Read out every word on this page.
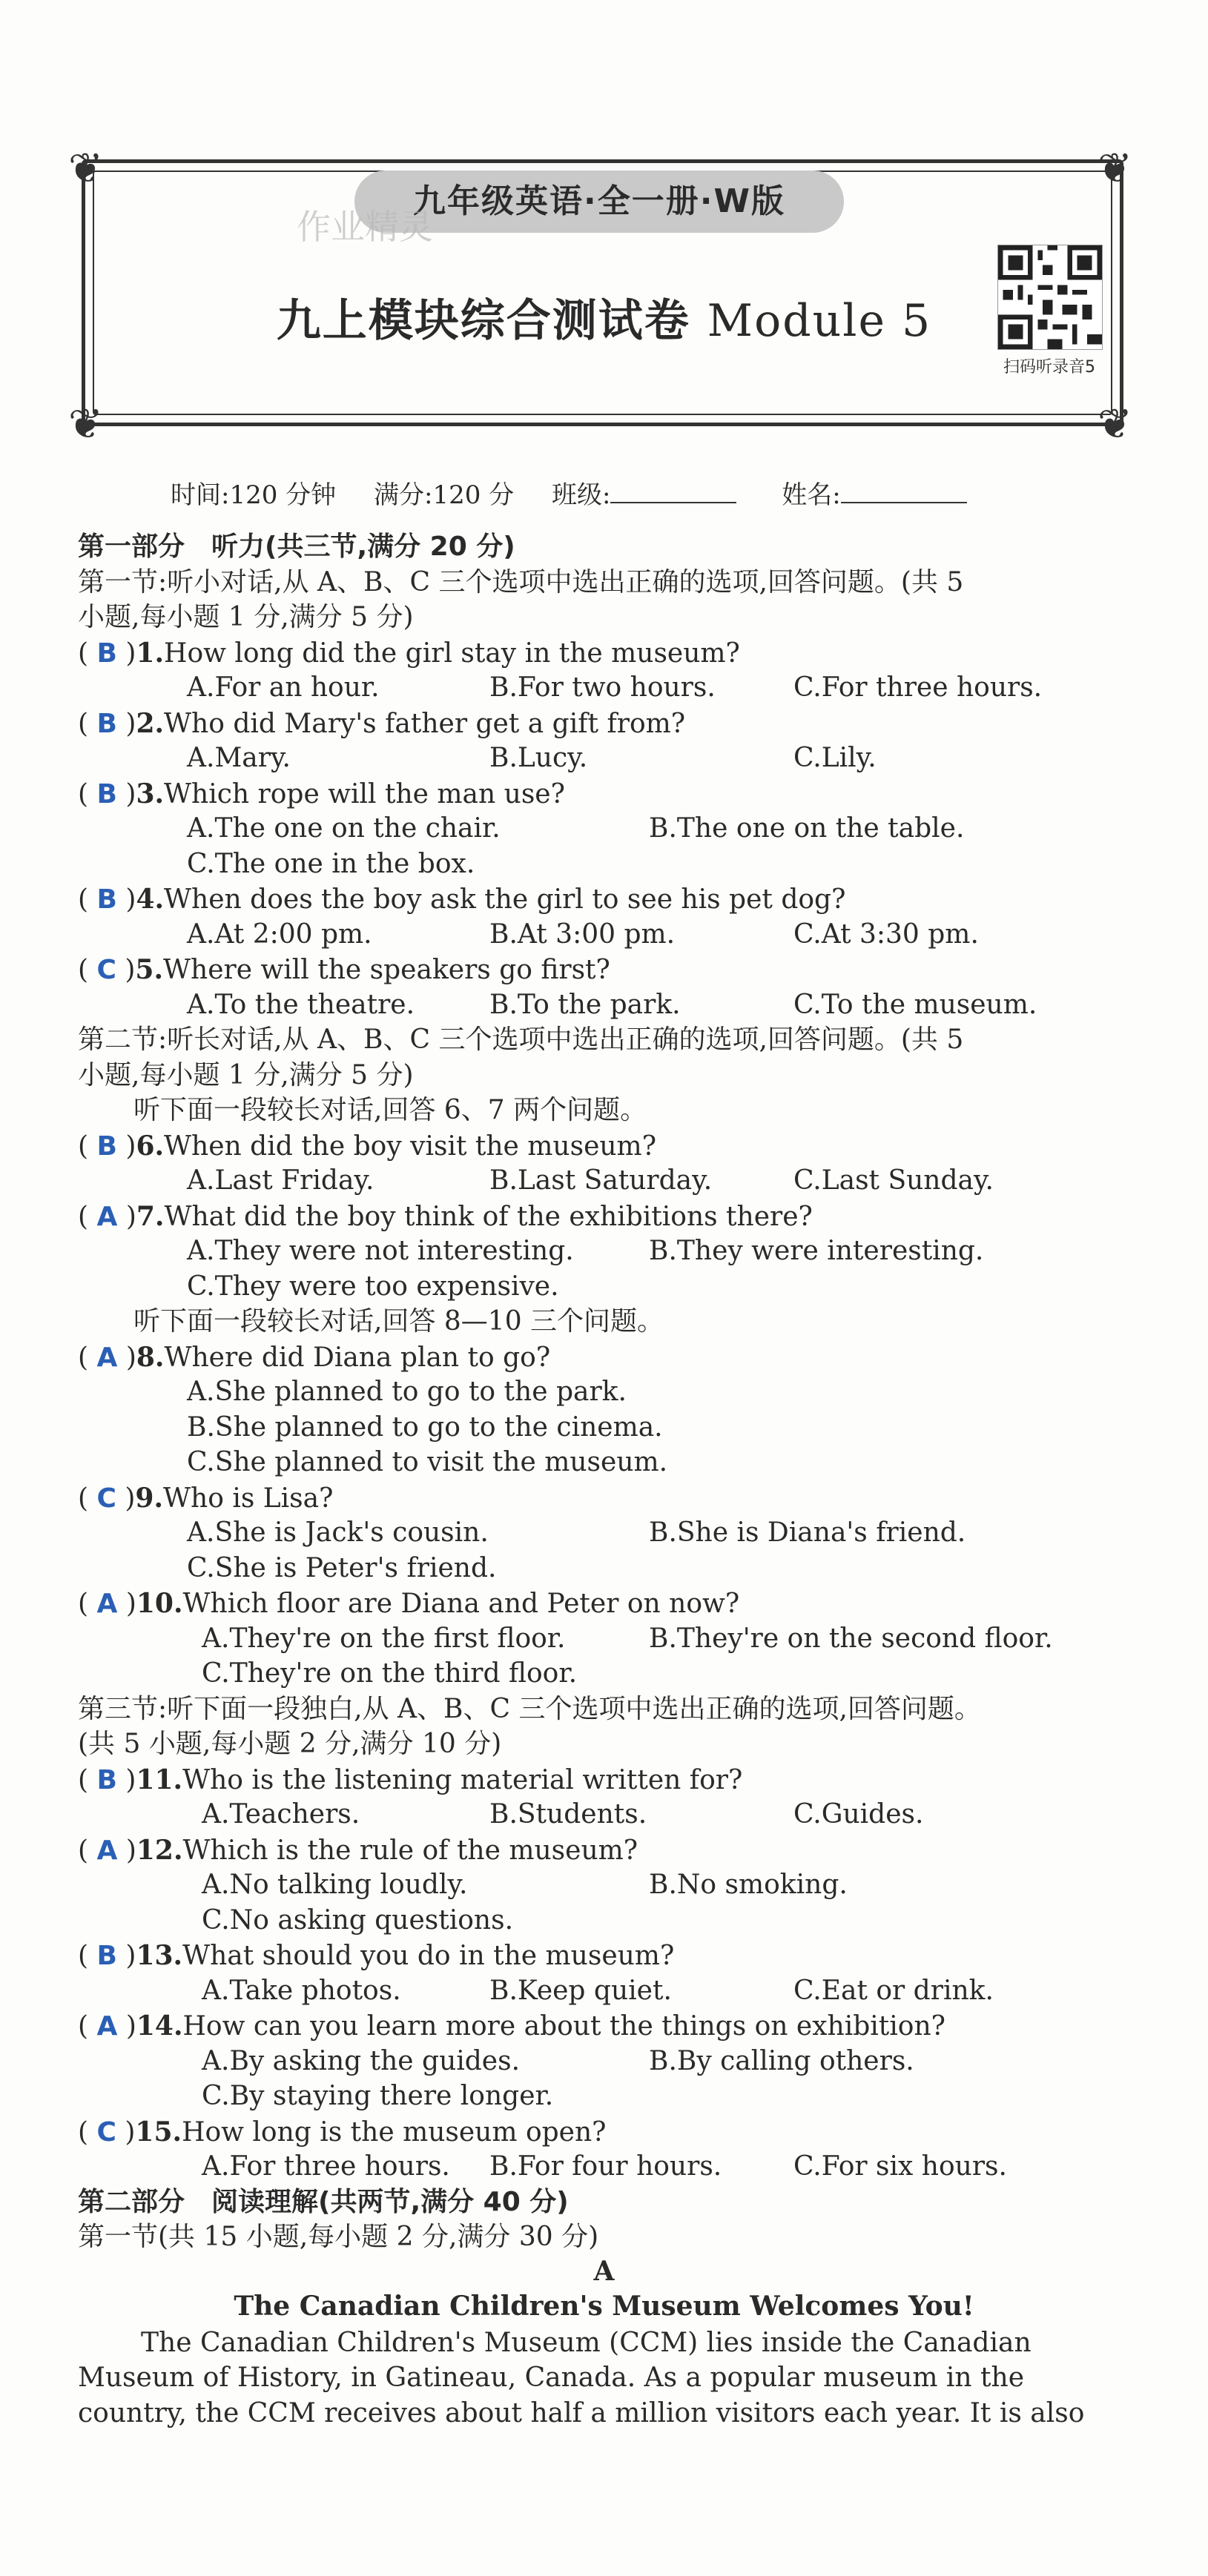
❦	❦
❦	❦
九年级英语·全一册·W版
作业精灵
九上模块综合测试卷 Module 5
扫码听录音5
时间:120 分钟 满分:120 分 班级:	姓名:
第一部分　听力(共三节,满分 20 分)
第一节:听小对话,从 A、B、C 三个选项中选出正确的选项,回答问题。(共 5
小题,每小题 1 分,满分 5 分)
( B )1.How long did the girl stay in the museum?
A.For an hour.	B.For two hours.	C.For three hours.
( B )2.Who did Mary's father get a gift from?
A.Mary.	B.Lucy.	C.Lily.
( B )3.Which rope will the man use?
A.The one on the chair.	B.The one on the table.
C.The one in the box.
( B )4.When does the boy ask the girl to see his pet dog?
A.At 2:00 pm.	B.At 3:00 pm.	C.At 3:30 pm.
( C )5.Where will the speakers go first?
A.To the theatre.	B.To the park.	C.To the museum.
第二节:听长对话,从 A、B、C 三个选项中选出正确的选项,回答问题。(共 5
小题,每小题 1 分,满分 5 分)
听下面一段较长对话,回答 6、7 两个问题。
( B )6.When did the boy visit the museum?
A.Last Friday.	B.Last Saturday.	C.Last Sunday.
( A )7.What did the boy think of the exhibitions there?
A.They were not interesting.	B.They were interesting.
C.They were too expensive.
听下面一段较长对话,回答 8—10 三个问题。
( A )8.Where did Diana plan to go?
A.She planned to go to the park.
B.She planned to go to the cinema.
C.She planned to visit the museum.
( C )9.Who is Lisa?
A.She is Jack's cousin.	B.She is Diana's friend.
C.She is Peter's friend.
( A )10.Which floor are Diana and Peter on now?
A.They're on the first floor.	B.They're on the second floor.
C.They're on the third floor.
第三节:听下面一段独白,从 A、B、C 三个选项中选出正确的选项,回答问题。
(共 5 小题,每小题 2 分,满分 10 分)
( B )11.Who is the listening material written for?
A.Teachers.	B.Students.	C.Guides.
( A )12.Which is the rule of the museum?
A.No talking loudly.	B.No smoking.
C.No asking questions.
( B )13.What should you do in the museum?
A.Take photos.	B.Keep quiet.	C.Eat or drink.
( A )14.How can you learn more about the things on exhibition?
A.By asking the guides.	B.By calling others.
C.By staying there longer.
( C )15.How long is the museum open?
A.For three hours. B.For four hours.	C.For six hours.
第二部分　阅读理解(共两节,满分 40 分)
第一节(共 15 小题,每小题 2 分,满分 30 分)
A
The Canadian Children's Museum Welcomes You!
The Canadian Children's Museum (CCM) lies inside the Canadian
Museum of History, in Gatineau, Canada. As a popular museum in the
country, the CCM receives about half a million visitors each year. It is also
